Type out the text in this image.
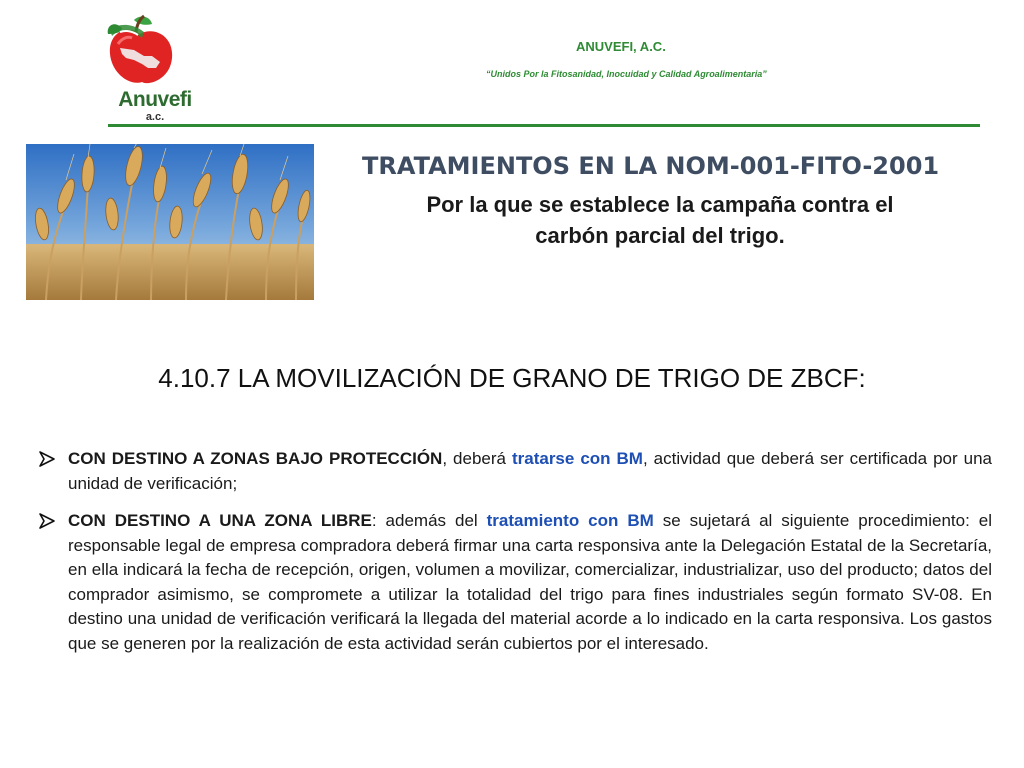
Anuvefi
a.c.
ANUVEFI, A.C.
“Unidos Por la Fitosanidad, Inocuidad y Calidad Agroalimentaria”
TRATAMIENTOS EN LA NOM-001-FITO-2001
Por la que se establece la campaña contra el
carbón parcial del trigo.
4.10.7 LA MOVILIZACIÓN DE GRANO DE TRIGO DE ZBCF:
CON DESTINO A ZONAS BAJO PROTECCIÓN, deberá tratarse con BM, actividad que deberá ser certificada por una unidad de verificación;
CON DESTINO A UNA ZONA LIBRE: además del tratamiento con BM se sujetará al siguiente procedimiento: el responsable legal de empresa compradora deberá firmar una carta responsiva ante la Delegación Estatal de la Secretaría, en ella indicará la fecha de recepción, origen, volumen a movilizar, comercializar, industrializar, uso del producto; datos del comprador asimismo, se compromete a utilizar la totalidad del trigo para fines industriales según formato SV-08. En destino una unidad de verificación verificará la llegada del material acorde a lo indicado en la carta responsiva. Los gastos que se generen por la realización de esta actividad serán cubiertos por el interesado.
